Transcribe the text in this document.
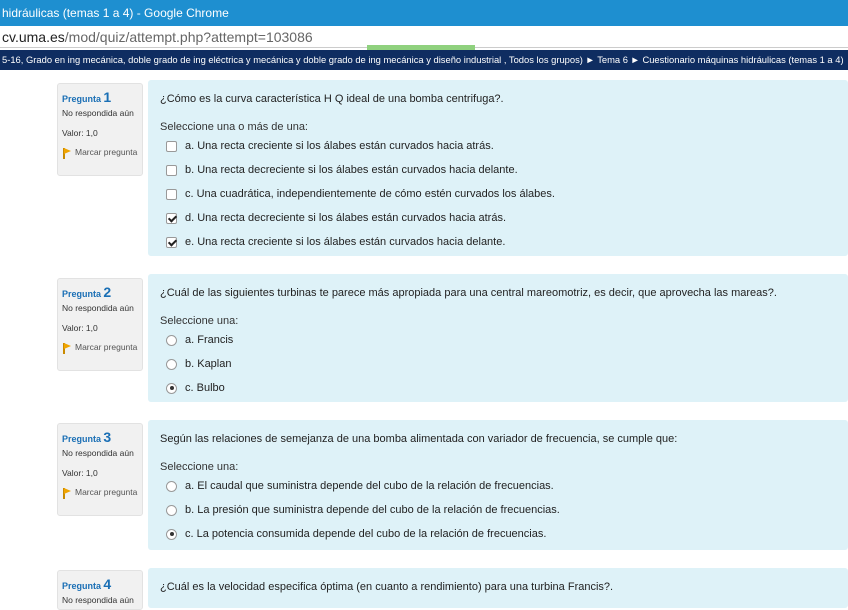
hidráulicas (temas 1 a 4) - Google Chrome
cv.uma.es/mod/quiz/attempt.php?attempt=103086
5-16, Grado en ing mecánica, doble grado de ing eléctrica y mecánica y doble grado de ing mecánica y diseño industrial , Todos los grupos) ► Tema 6 ► Cuestionario máquinas hidráulicas (temas 1 a 4)
Pregunta 1
No respondida aún
Valor: 1,0
Marcar pregunta
¿Cómo es la curva característica H Q ideal de una bomba centrifuga?.
Seleccione una o más de una:
a. Una recta creciente si los álabes están curvados hacia atrás.
b. Una recta decreciente si los álabes están curvados hacia delante.
c. Una cuadrática, independientemente de cómo estén curvados los álabes.
d. Una recta decreciente si los álabes están curvados hacia atrás.
e. Una recta creciente si los álabes están curvados hacia delante.
Pregunta 2
No respondida aún
Valor: 1,0
Marcar pregunta
¿Cuál de las siguientes turbinas te parece más apropiada para una central mareomotriz, es decir, que aprovecha las mareas?.
Seleccione una:
a. Francis
b. Kaplan
c. Bulbo
Pregunta 3
No respondida aún
Valor: 1,0
Marcar pregunta
Según las relaciones de semejanza de una bomba alimentada con variador de frecuencia, se cumple que:
Seleccione una:
a. El caudal que suministra depende del cubo de la relación de frecuencias.
b. La presión que suministra depende del cubo de la relación de frecuencias.
c. La potencia consumida depende del cubo de la relación de frecuencias.
Pregunta 4
No respondida aún
¿Cuál es la velocidad especifica óptima (en cuanto a rendimiento) para una turbina Francis?.
